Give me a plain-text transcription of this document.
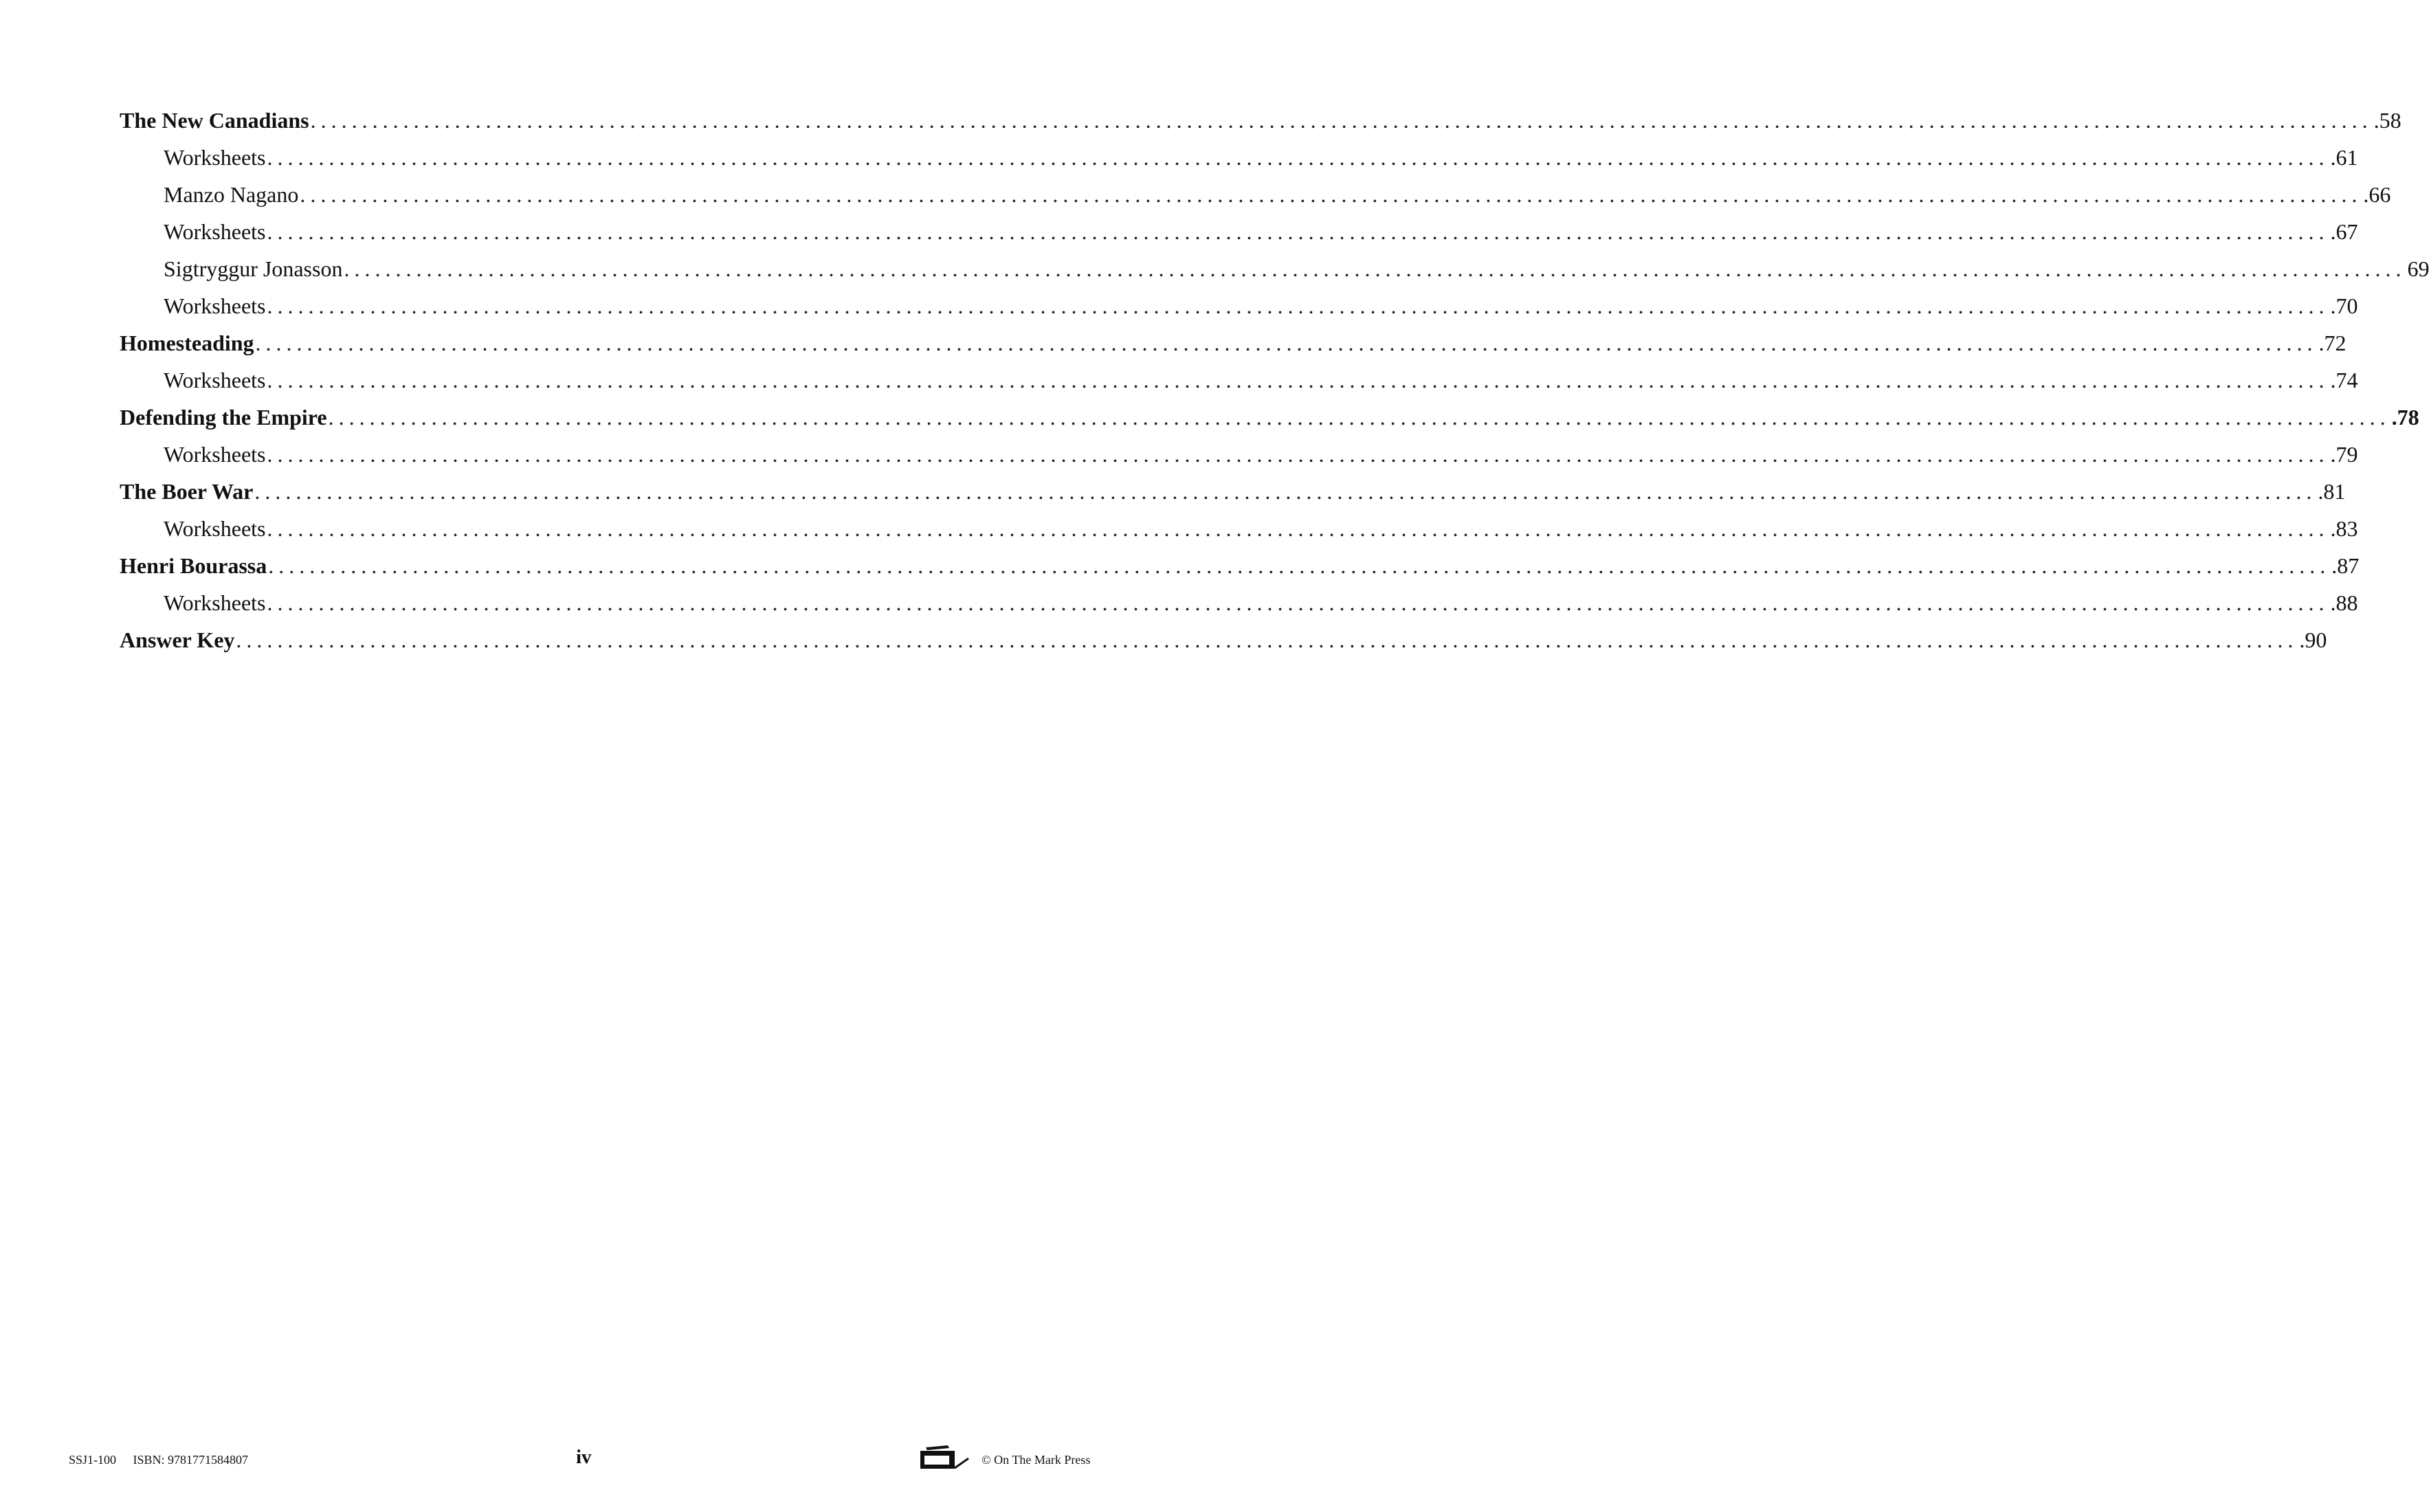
The New Canadians ........................................................................................................................................................................................................ .58
Worksheets ........................................................................................................................................................................................................ .61
Manzo Nagano ........................................................................................................................................................................................................ .66
Worksheets ........................................................................................................................................................................................................ .67
Sigtryggur Jonasson ........................................................................................................................................................................................................ 69
Worksheets ........................................................................................................................................................................................................ .70
Homesteading ........................................................................................................................................................................................................ .72
Worksheets ........................................................................................................................................................................................................ .74
Defending the Empire ........................................................................................................................................................................................................ .78
Worksheets ........................................................................................................................................................................................................ .79
The Boer War ........................................................................................................................................................................................................ .81
Worksheets ........................................................................................................................................................................................................ .83
Henri Bourassa ........................................................................................................................................................................................................ .87
Worksheets ........................................................................................................................................................................................................ .88
Answer Key ........................................................................................................................................................................................................ .90
SSJ1-100 ISBN: 9781771584807	iv	© On The Mark Press
